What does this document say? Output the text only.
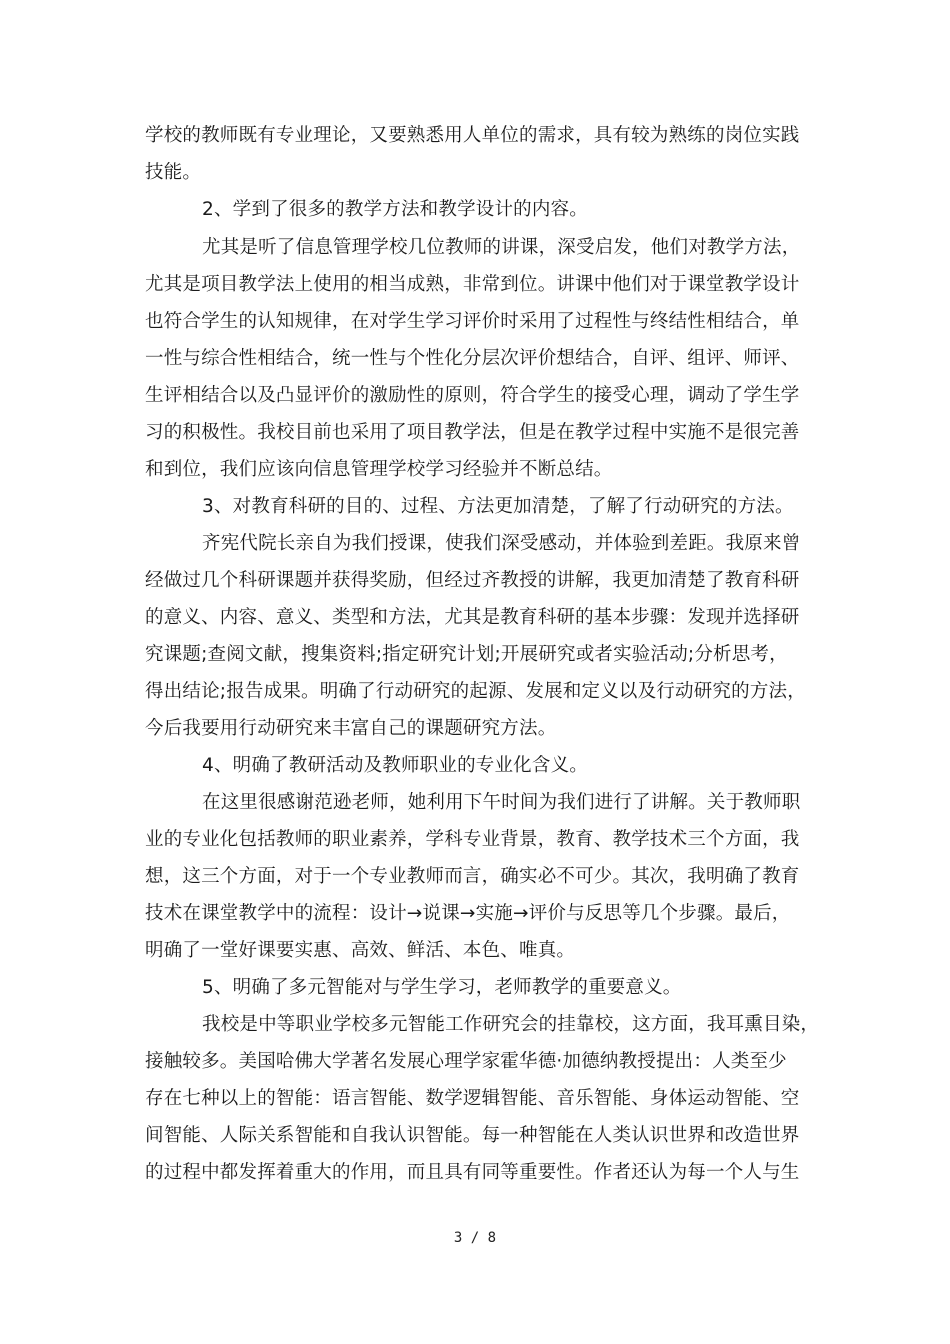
学校的教师既有专业理论，又要熟悉用人单位的需求，具有较为熟练的岗位实践
技能。
2、学到了很多的教学方法和教学设计的内容。
尤其是听了信息管理学校几位教师的讲课，深受启发，他们对教学方法，
尤其是项目教学法上使用的相当成熟，非常到位。讲课中他们对于课堂教学设计
也符合学生的认知规律，在对学生学习评价时采用了过程性与终结性相结合，单
一性与综合性相结合，统一性与个性化分层次评价想结合，自评、组评、师评、
生评相结合以及凸显评价的激励性的原则，符合学生的接受心理，调动了学生学
习的积极性。我校目前也采用了项目教学法，但是在教学过程中实施不是很完善
和到位，我们应该向信息管理学校学习经验并不断总结。
3、对教育科研的目的、过程、方法更加清楚，了解了行动研究的方法。
齐宪代院长亲自为我们授课，使我们深受感动，并体验到差距。我原来曾
经做过几个科研课题并获得奖励，但经过齐教授的讲解，我更加清楚了教育科研
的意义、内容、意义、类型和方法，尤其是教育科研的基本步骤：发现并选择研
究课题;查阅文献，搜集资料;指定研究计划;开展研究或者实验活动;分析思考，
得出结论;报告成果。明确了行动研究的起源、发展和定义以及行动研究的方法，
今后我要用行动研究来丰富自己的课题研究方法。
4、明确了教研活动及教师职业的专业化含义。
在这里很感谢范逊老师，她利用下午时间为我们进行了讲解。关于教师职
业的专业化包括教师的职业素养，学科专业背景，教育、教学技术三个方面，我
想，这三个方面，对于一个专业教师而言，确实必不可少。其次，我明确了教育
技术在课堂教学中的流程：设计→说课→实施→评价与反思等几个步骤。最后，
明确了一堂好课要实惠、高效、鲜活、本色、唯真。
5、明确了多元智能对与学生学习，老师教学的重要意义。
我校是中等职业学校多元智能工作研究会的挂靠校，这方面，我耳熏目染，
接触较多。美国哈佛大学著名发展心理学家霍华德·加德纳教授提出：人类至少
存在七种以上的智能：语言智能、数学逻辑智能、音乐智能、身体运动智能、空
间智能、人际关系智能和自我认识智能。每一种智能在人类认识世界和改造世界
的过程中都发挥着重大的作用，而且具有同等重要性。作者还认为每一个人与生
3 / 8
